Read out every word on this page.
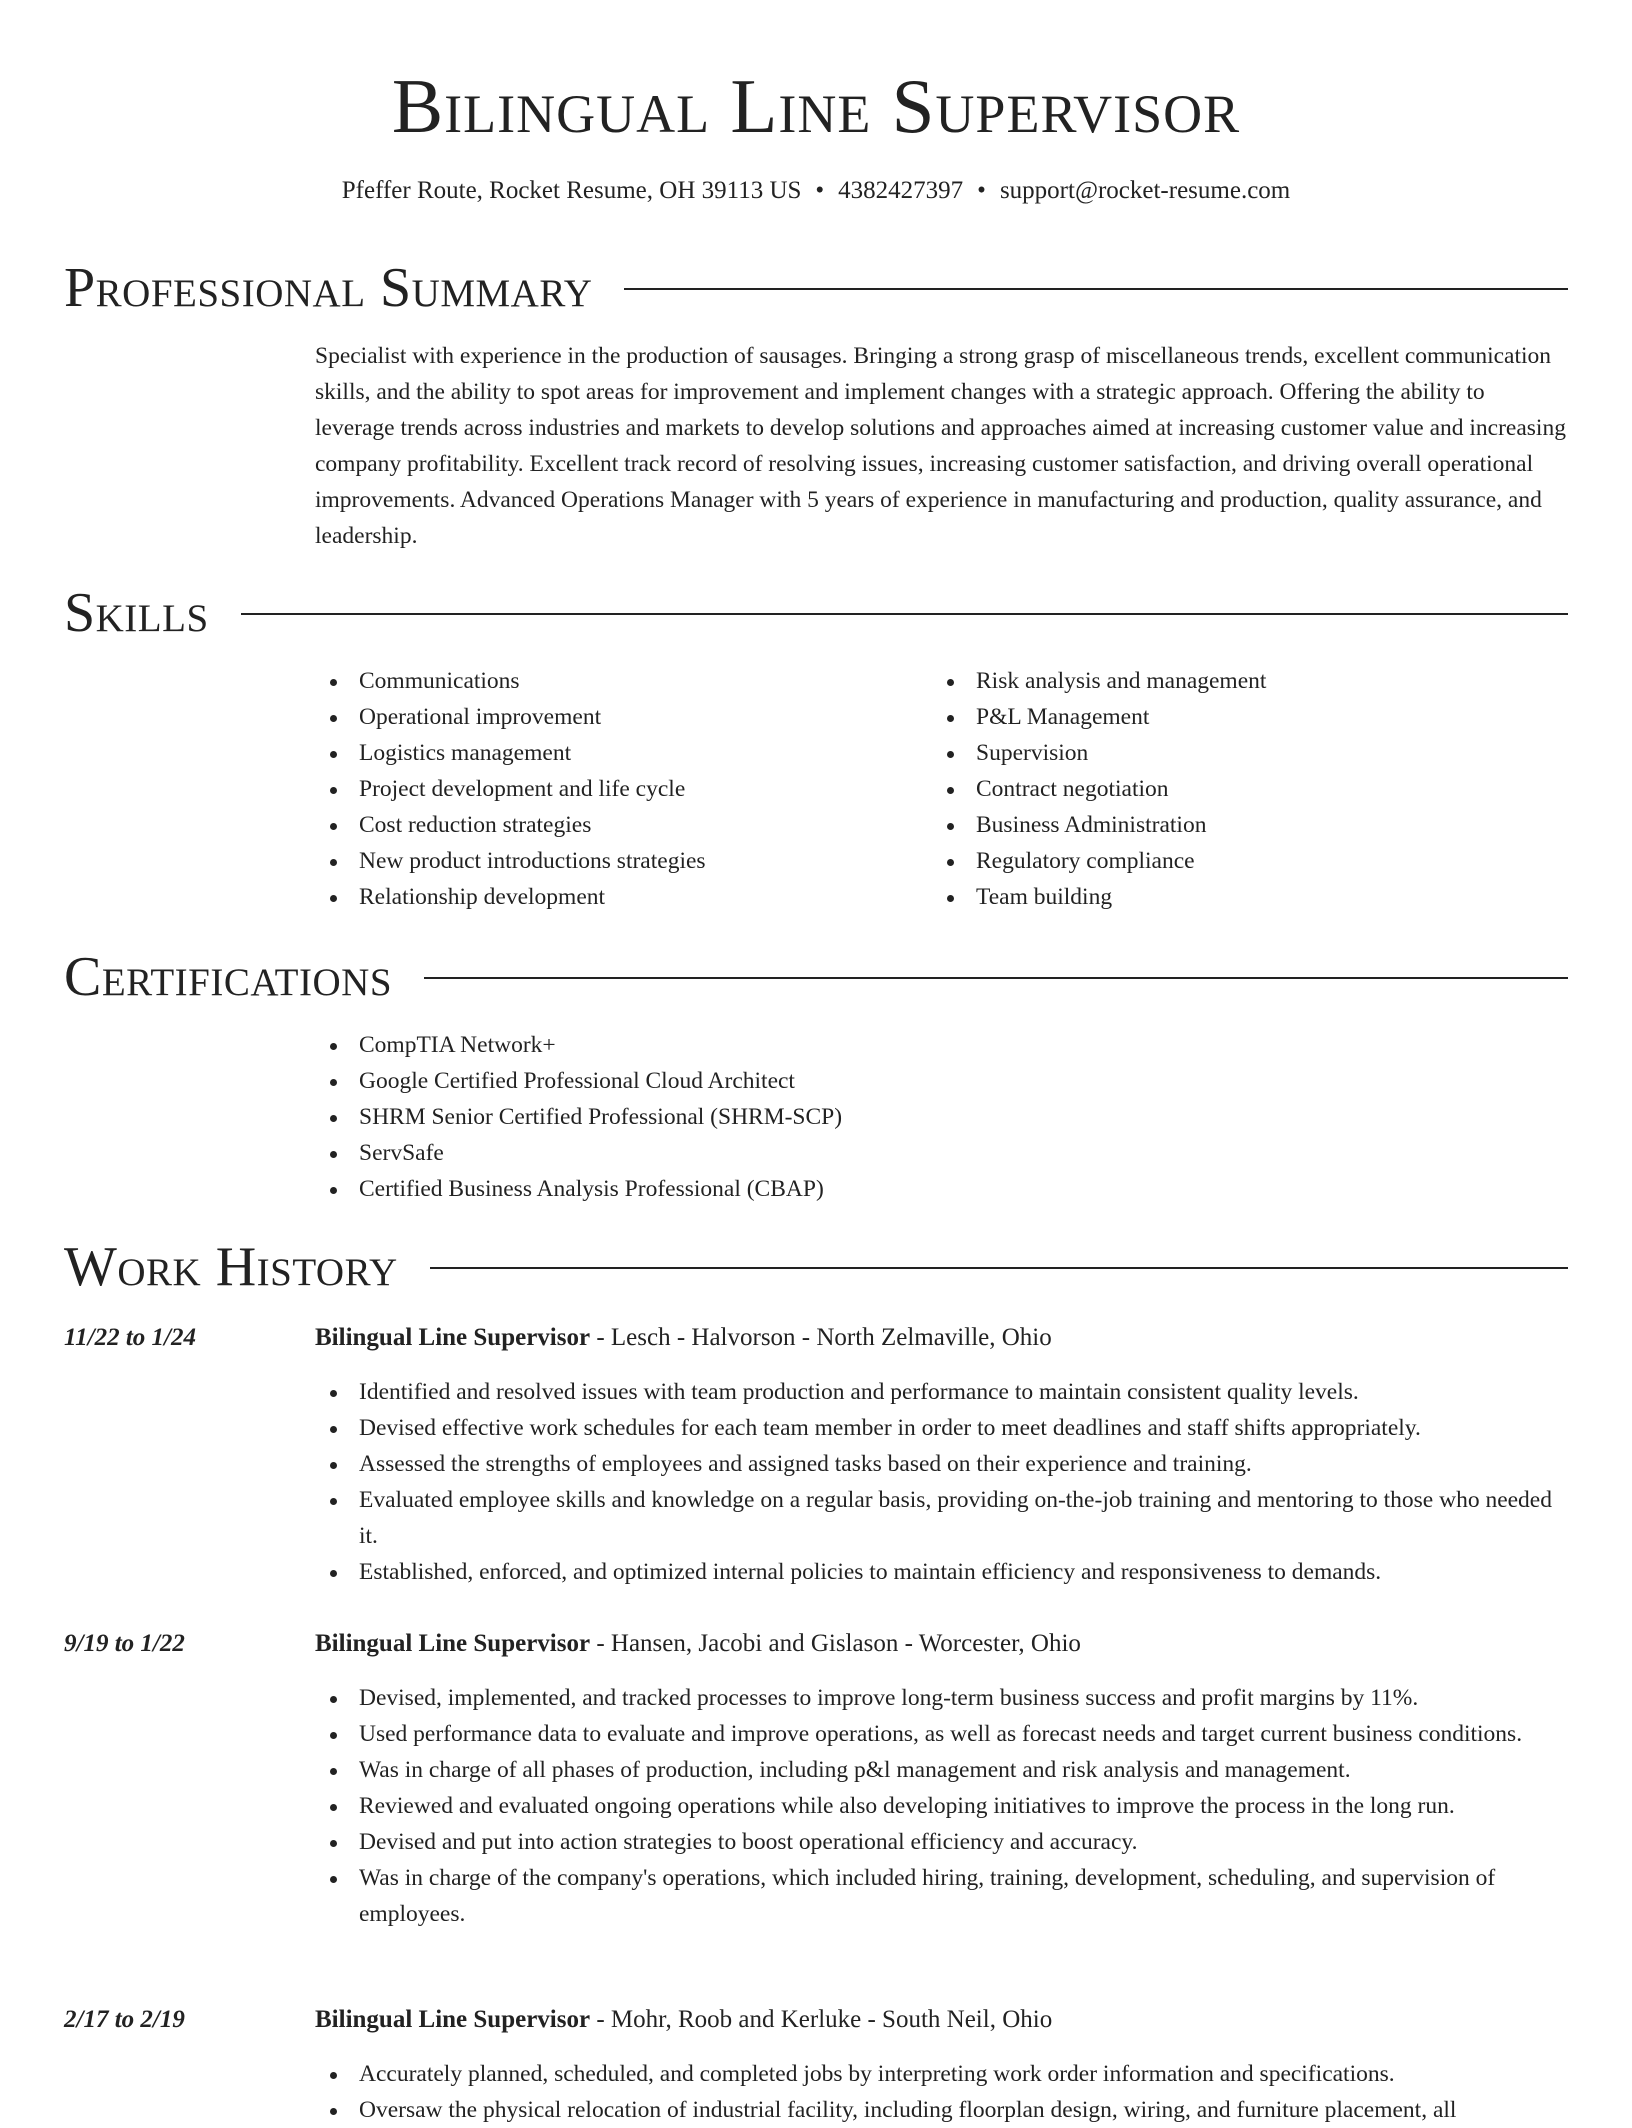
Bilingual Line Supervisor
Pfeffer Route, Rocket Resume, OH 39113 US • 4382427397 • support@rocket-resume.com
Professional Summary

Specialist with experience in the production of sausages. Bringing a strong grasp of miscellaneous trends, excellent communication skills, and the ability to spot areas for improvement and implement changes with a strategic approach. Offering the ability to leverage trends across industries and markets to develop solutions and approaches aimed at increasing customer value and increasing company profitability. Excellent track record of resolving issues, increasing customer satisfaction, and driving overall operational improvements. Advanced Operations Manager with 5 years of experience in manufacturing and production, quality assurance, and leadership.

Skills
Communications
Operational improvement
Logistics management
Project development and life cycle
Cost reduction strategies
New product introductions strategies
Relationship development
Risk analysis and management
P&L Management
Supervision
Contract negotiation
Business Administration
Regulatory compliance
Team building
Certifications
CompTIA Network+
Google Certified Professional Cloud Architect
SHRM Senior Certified Professional (SHRM-SCP)
ServSafe
Certified Business Analysis Professional (CBAP)
Work History
11/22 to 1/24	Bilingual Line Supervisor - Lesch - Halvorson - North Zelmaville, Ohio
Identified and resolved issues with team production and performance to maintain consistent quality levels.
Devised effective work schedules for each team member in order to meet deadlines and staff shifts appropriately.
Assessed the strengths of employees and assigned tasks based on their experience and training.
Evaluated employee skills and knowledge on a regular basis, providing on-the-job training and mentoring to those who needed it.
Established, enforced, and optimized internal policies to maintain efficiency and responsiveness to demands.
9/19 to 1/22	Bilingual Line Supervisor - Hansen, Jacobi and Gislason - Worcester, Ohio
Devised, implemented, and tracked processes to improve long-term business success and profit margins by 11%.
Used performance data to evaluate and improve operations, as well as forecast needs and target current business conditions.
Was in charge of all phases of production, including p&l management and risk analysis and management.
Reviewed and evaluated ongoing operations while also developing initiatives to improve the process in the long run.
Devised and put into action strategies to boost operational efficiency and accuracy.
Was in charge of the company's operations, which included hiring, training, development, scheduling, and supervision of employees.
2/17 to 2/19	Bilingual Line Supervisor - Mohr, Roob and Kerluke - South Neil, Ohio
Accurately planned, scheduled, and completed jobs by interpreting work order information and specifications.
Oversaw the physical relocation of industrial facility, including floorplan design, wiring, and furniture placement, all
